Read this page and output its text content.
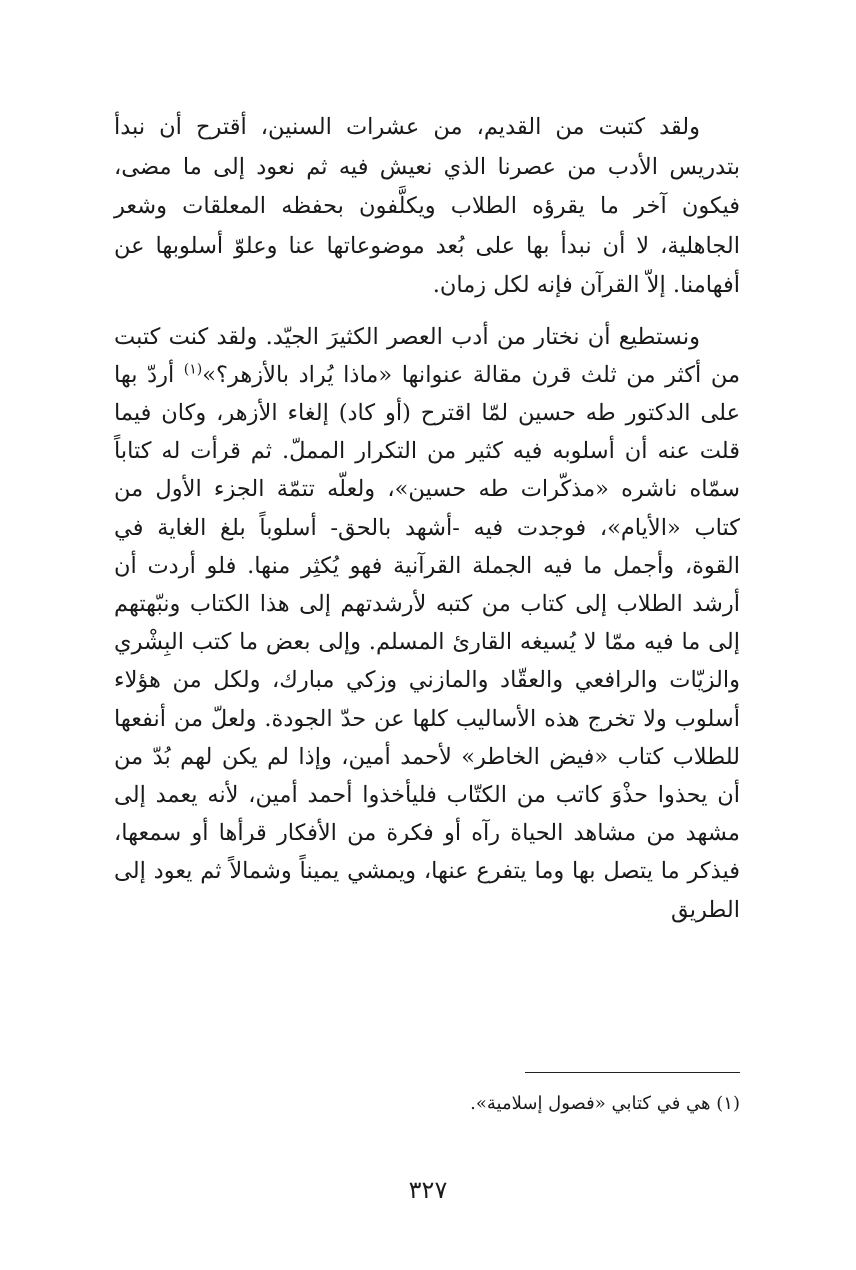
ولقد كتبت من القديم، من عشرات السنين، أقترح أن نبدأ بتدريس الأدب من عصرنا الذي نعيش فيه ثم نعود إلى ما مضى، فيكون آخر ما يقرؤه الطلاب ويكلَّفون بحفظه المعلقات وشعر الجاهلية، لا أن نبدأ بها على بُعد موضوعاتها عنا وعلوّ أسلوبها عن أفهامنا. إلاّ القرآن فإنه لكل زمان.

ونستطيع أن نختار من أدب العصر الكثيرَ الجيّد. ولقد كنت كتبت من أكثر من ثلث قرن مقالة عنوانها «ماذا يُراد بالأزهر؟»$^{(١)}$ أردّ بها على الدكتور طه حسين لمّا اقترح (أو كاد) إلغاء الأزهر، وكان فيما قلت عنه أن أسلوبه فيه كثير من التكرار المملّ. ثم قرأت له كتاباً سمّاه ناشره «مذكّرات طه حسين»، ولعلّه تتمّة الجزء الأول من كتاب «الأيام»، فوجدت فيه -أشهد بالحق- أسلوباً بلغ الغاية في القوة، وأجمل ما فيه الجملة القرآنية فهو يُكثِر منها. فلو أردت أن أرشد الطلاب إلى كتاب من كتبه لأرشدتهم إلى هذا الكتاب ونبّهتهم إلى ما فيه ممّا لا يُسيغه القارئ المسلم. وإلى بعض ما كتب البِشْري والزيّات والرافعي والعقّاد والمازني وزكي مبارك، ولكل من هؤلاء أسلوب ولا تخرج هذه الأساليب كلها عن حدّ الجودة. ولعلّ من أنفعها للطلاب كتاب «فيض الخاطر» لأحمد أمين، وإذا لم يكن لهم بُدّ من أن يحذوا حذْوَ كاتب من الكتّاب فليأخذوا أحمد أمين، لأنه يعمد إلى مشهد من مشاهد الحياة رآه أو فكرة من الأفكار قرأها أو سمعها، فيذكر ما يتصل بها وما يتفرع عنها، ويمشي يميناً وشمالاً ثم يعود إلى الطريق

(١) هي في كتابي «فصول إسلامية».

٣٢٧
